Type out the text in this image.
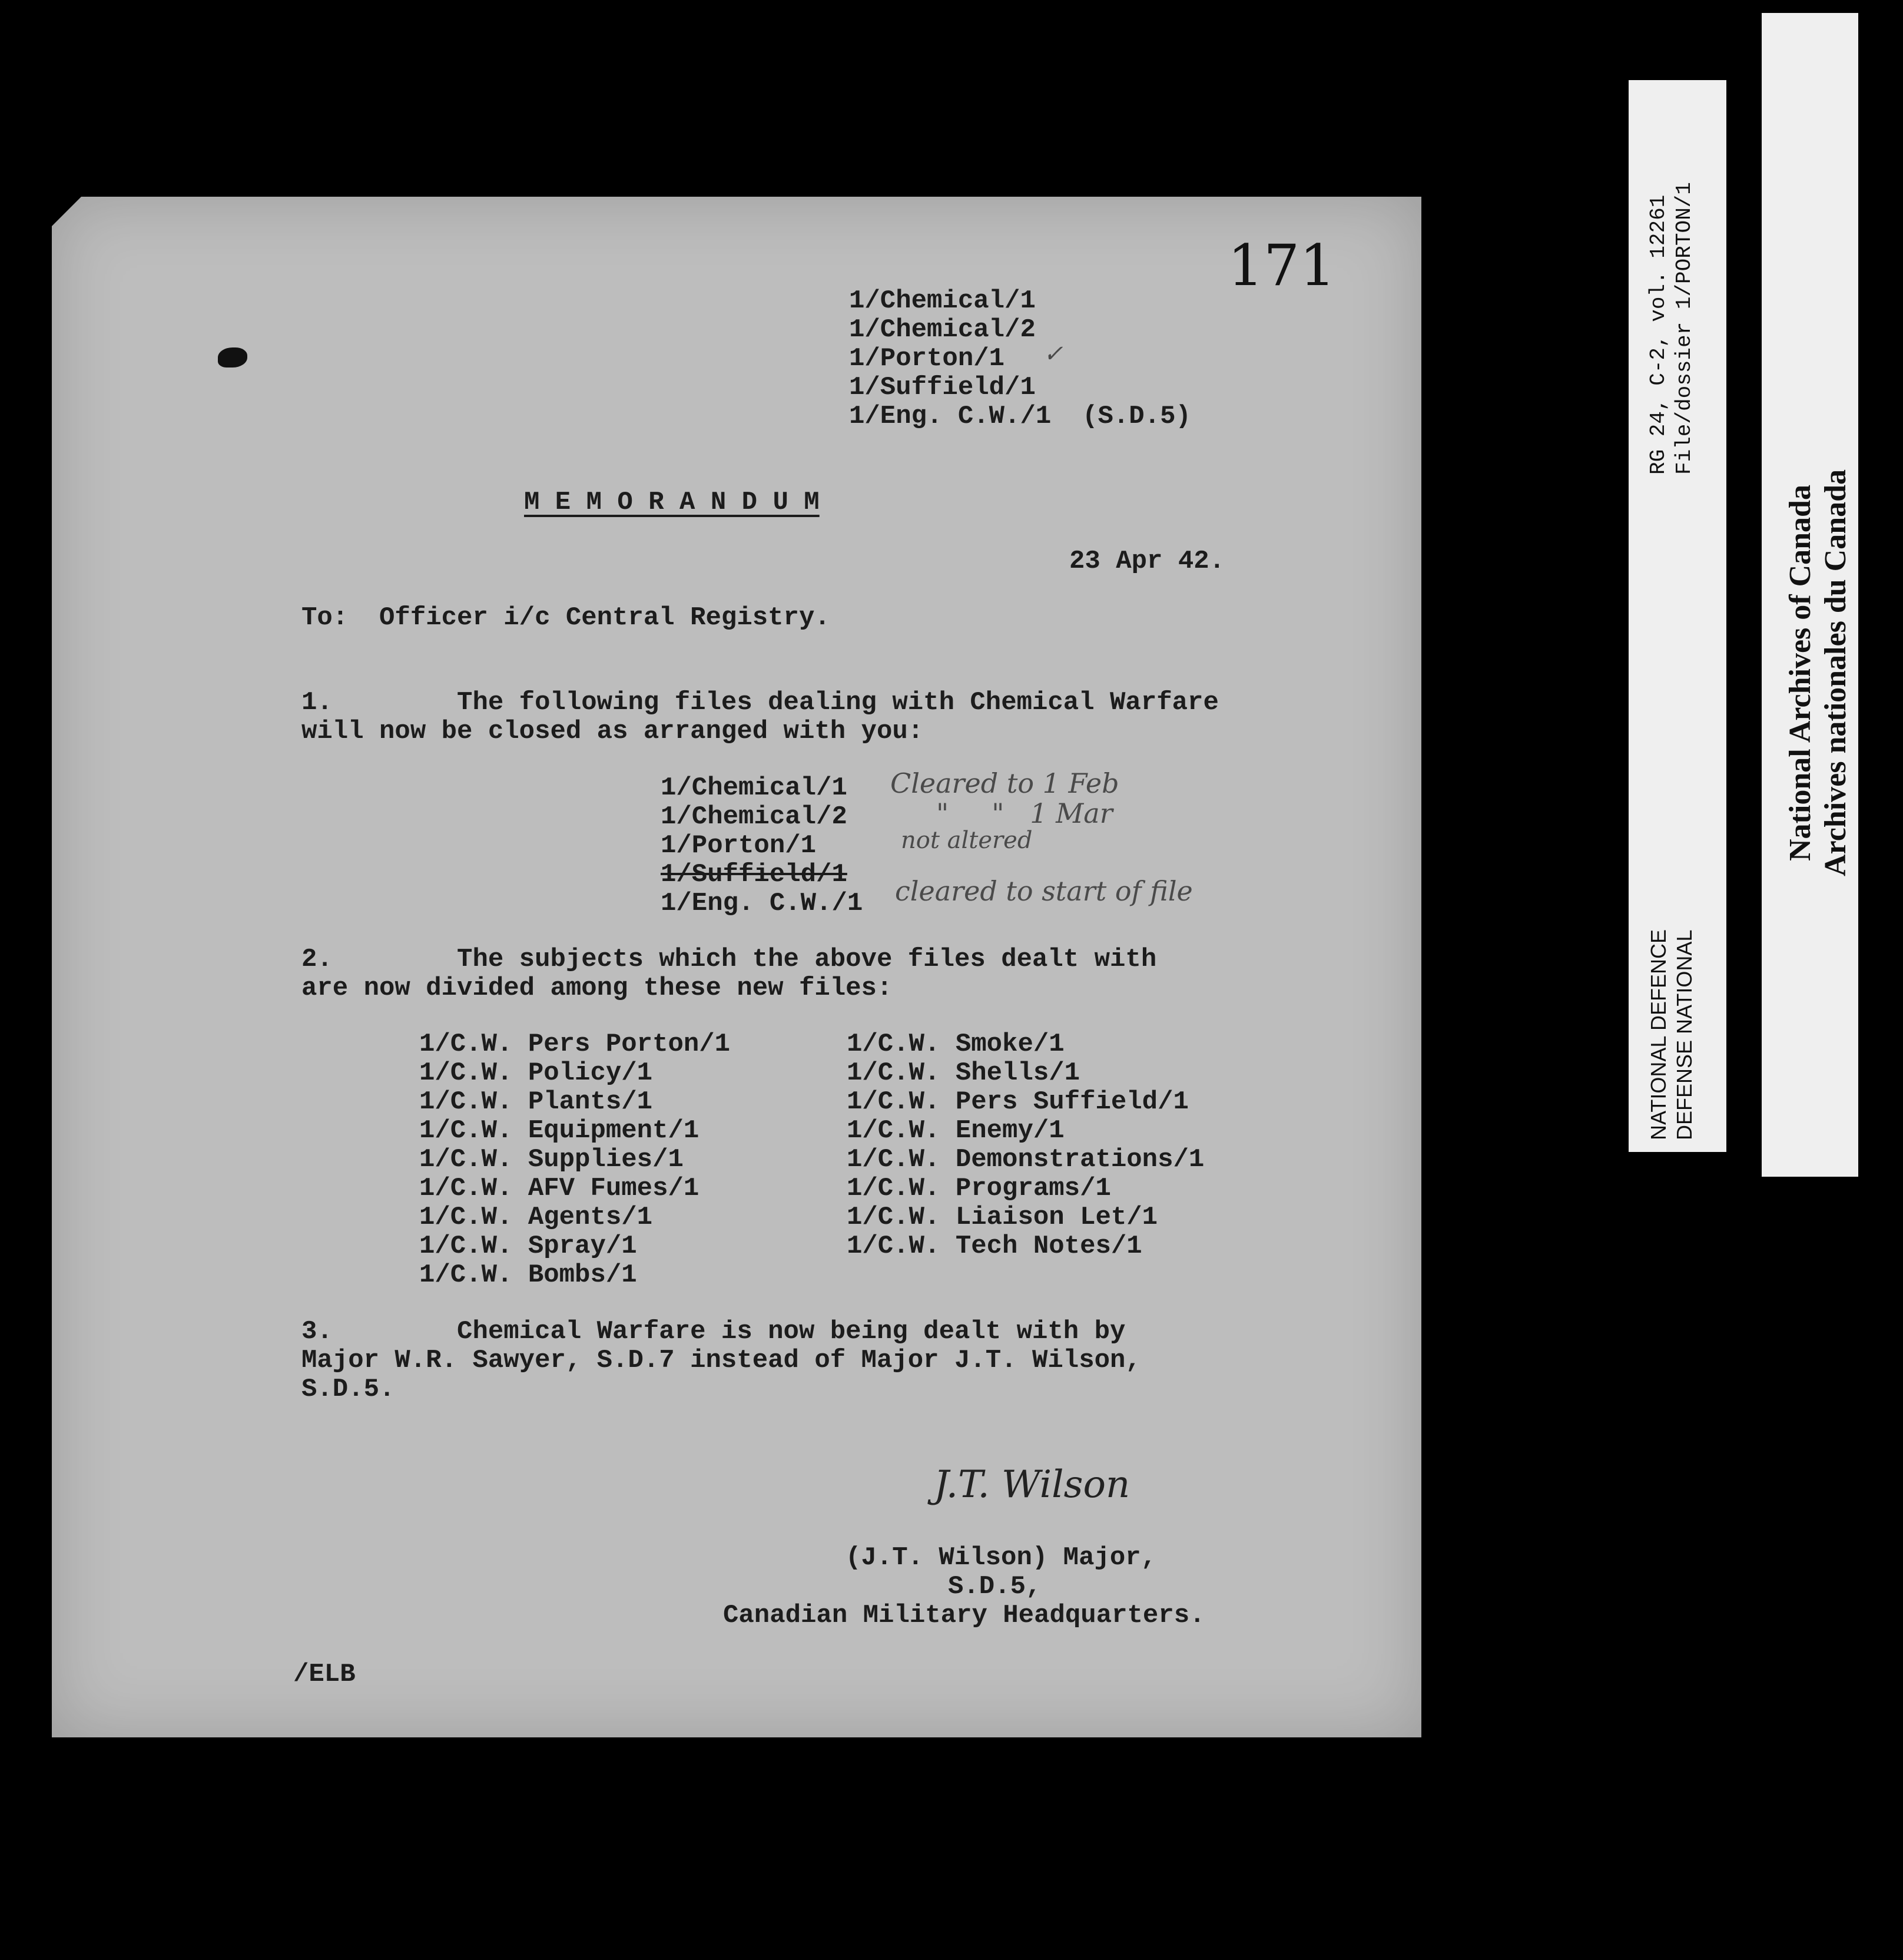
171
1/Chemical/1
1/Chemical/2
1/Porton/1 ✓
1/Suffield/1
1/Eng. C.W./1  (S.D.5)
M E M O R A N D U M
23 Apr 42.
To:  Officer i/c Central Registry.
1.        The following files dealing with Chemical Warfare
will now be closed as arranged with you:
1/Chemical/1
1/Chemical/2
1/Porton/1
1/Suffield/1
1/Eng. C.W./1
Cleared to 1 Feb
"     "   1 Mar
not altered
cleared to start of file
2.        The subjects which the above files dealt with
are now divided among these new files:
1/C.W. Pers Porton/1
1/C.W. Policy/1
1/C.W. Plants/1
1/C.W. Equipment/1
1/C.W. Supplies/1
1/C.W. AFV Fumes/1
1/C.W. Agents/1
1/C.W. Spray/1
1/C.W. Bombs/1
1/C.W. Smoke/1
1/C.W. Shells/1
1/C.W. Pers Suffield/1
1/C.W. Enemy/1
1/C.W. Demonstrations/1
1/C.W. Programs/1
1/C.W. Liaison Let/1
1/C.W. Tech Notes/1
3.        Chemical Warfare is now being dealt with by
Major W.R. Sawyer, S.D.7 instead of Major J.T. Wilson,
S.D.5.
J.T. Wilson
(J.T. Wilson) Major,
S.D.5,
Canadian Military Headquarters.
/ELB
RG 24, C-2, vol. 12261 File/dossier 1/PORTON/1
NATIONAL DEFENCE DEFENSE NATIONAL
National Archives of Canada Archives nationales du Canada
